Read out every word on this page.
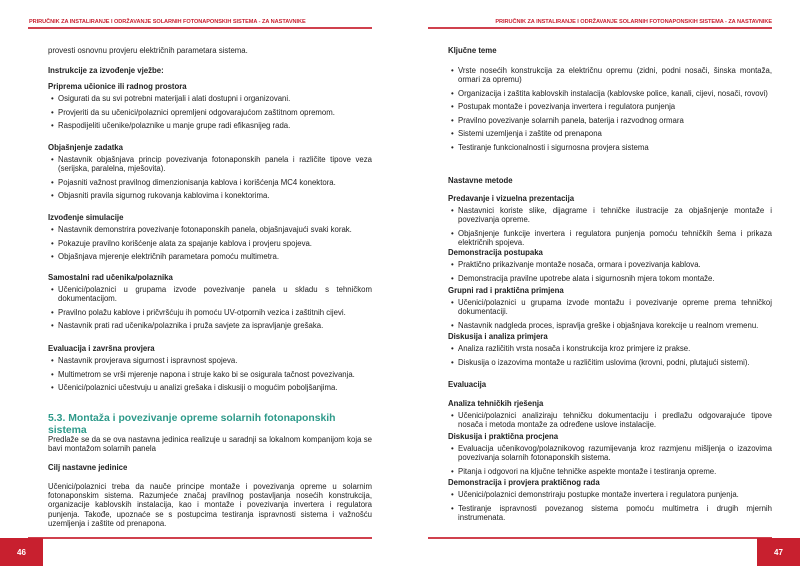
PRIRUČNIK ZA INSTALIRANJE I ODRŽAVANJE SOLARNIH FOTONAPONSKIH SISTEMA - ZA NASTAVNIKE
provesti osnovnu provjeru električnih parametara sistema.
Instrukcije za izvođenje vježbe:
Priprema učionice ili radnog prostora
• Osigurati da su svi potrebni materijali i alati dostupni i organizovani.
• Provjeriti da su učenici/polaznici opremljeni odgovarajućom zaštitnom opremom.
• Raspodijeliti učenike/polaznike u manje grupe radi efikasnijeg rada.
Objašnjenje zadatka
• Nastavnik objašnjava princip povezivanja fotonaponskih panela i različite tipove veza (serijska, paralelna, mješovita).
• Pojasniti važnost pravilnog dimenzionisanja kablova i korišćenja MC4 konektora.
• Objasniti pravila sigurnog rukovanja kablovima i konektorima.
Izvođenje simulacije
• Nastavnik demonstrira povezivanje fotonaponskih panela, objašnjavajući svaki korak.
• Pokazuje pravilno korišćenje alata za spajanje kablova i provjeru spojeva.
• Objašnjava mjerenje električnih parametara pomoću multimetra.
Samostalni rad učenika/polaznika
• Učenici/polaznici u grupama izvode povezivanje panela u skladu s tehničkom dokumentacijom.
• Pravilno polažu kablove i pričvršćuju ih pomoću UV-otpornih vezica i zaštitnih cijevi.
• Nastavnik prati rad učenika/polaznika i pruža savjete za ispravljanje grešaka.
Evaluacija i završna provjera
• Nastavnik provjerava sigurnost i ispravnost spojeva.
• Multimetrom se vrši mjerenje napona i struje kako bi se osigurala tačnost povezivanja.
• Učenici/polaznici učestvuju u analizi grešaka i diskusiji o mogućim poboljšanjima.
5.3. Montaža i povezivanje opreme solarnih fotonaponskih sistema
Predlaže se da se ova nastavna jedinica realizuje u saradnji sa lokalnom kompanijom koja se bavi montažom solarnih panela
Cilj nastavne jedinice
Učenici/polaznici treba da nauče principe montaže i povezivanja opreme u solarnim fotonaponskim sistema. Razumjeće značaj pravilnog postavljanja nosećih konstrukcija, organizacije kablovskih instalacija, kao i montaže i povezivanja invertera i regulatora punjenja. Takođe, upoznaće se s postupcima testiranja ispravnosti sistema i važnošću uzemljenja i zaštite od prenapona.
46
PRIRUČNIK ZA INSTALIRANJE I ODRŽAVANJE SOLARNIH FOTONAPONSKIH SISTEMA - ZA NASTAVNIKE
Ključne teme
• Vrste nosećih konstrukcija za električnu opremu (zidni, podni nosači, šinska montaža, ormari za opremu)
• Organizacija i zaštita kablovskih instalacija (kablovske police, kanali, cijevi, nosači, rovovi)
• Postupak montaže i povezivanja invertera i regulatora punjenja
• Pravilno povezivanje solarnih panela, baterija i razvodnog ormara
• Sistemi uzemljenja i zaštite od prenapona
• Testiranje funkcionalnosti i sigurnosna provjera sistema
Nastavne metode
Predavanje i vizuelna prezentacija
• Nastavnici koriste slike, dijagrame i tehničke ilustracije za objašnjenje montaže i povezivanja opreme.
• Objašnjenje funkcije invertera i regulatora punjenja pomoću tehničkih šema i prikaza električnih spojeva.
Demonstracija postupaka
• Praktično prikazivanje montaže nosača, ormara i povezivanja kablova.
• Demonstracija pravilne upotrebe alata i sigurnosnih mjera tokom montaže.
Grupni rad i praktična primjena
• Učenici/polaznici u grupama izvode montažu i povezivanje opreme prema tehničkoj dokumentaciji.
• Nastavnik nadgleda proces, ispravlja greške i objašnjava korekcije u realnom vremenu.
Diskusija i analiza primjera
• Analiza različitih vrsta nosača i konstrukcija kroz primjere iz prakse.
• Diskusija o izazovima montaže u različitim uslovima (krovni, podni, plutajući sistemi).
Evaluacija
Analiza tehničkih rješenja
• Učenici/polaznici analiziraju tehničku dokumentaciju i predlažu odgovarajuće tipove nosača i metoda montaže za određene uslove instalacije.
Diskusija i praktična procjena
• Evaluacija učenikovog/polaznikovog razumijevanja kroz razmjenu mišljenja o izazovima povezivanja solarnih fotonaponskih sistema.
• Pitanja i odgovori na ključne tehničke aspekte montaže i testiranja opreme.
Demonstracija i provjera praktičnog rada
• Učenici/polaznici demonstriraju postupke montaže invertera i regulatora punjenja.
• Testiranje ispravnosti povezanog sistema pomoću multimetra i drugih mjernih instrumenata.
47
